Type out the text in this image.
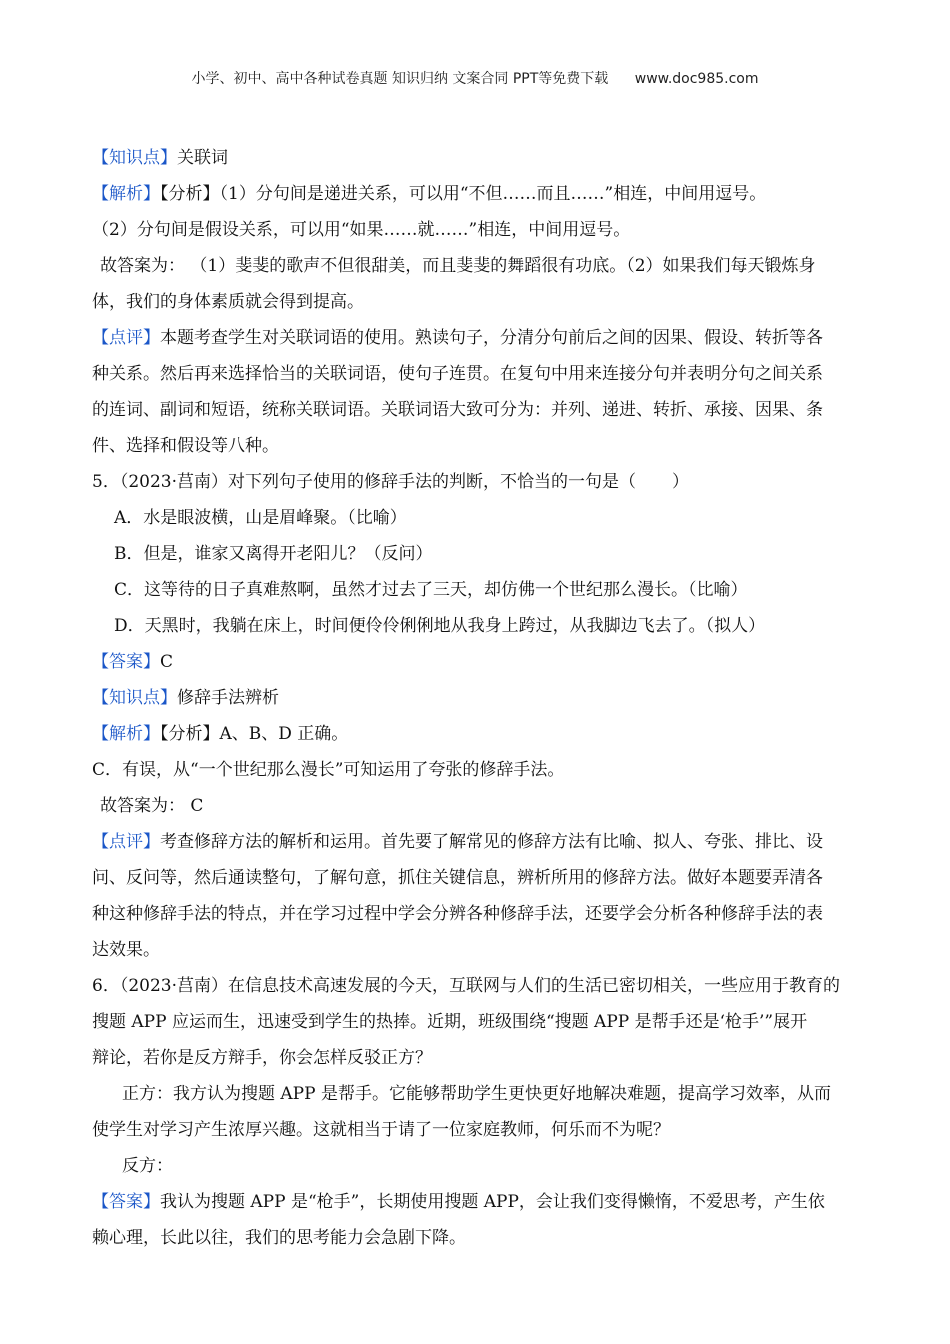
小学、初中、高中各种试卷真题 知识归纳 文案合同 PPT等免费下载 www.doc985.com
【知识点】关联词
【解析】【分析】（1）分句间是递进关系，可以用“不但……而且……”相连，中间用逗号。
（2）分句间是假设关系，可以用“如果……就……”相连，中间用逗号。
故答案为： （1）斐斐的歌声不但很甜美，而且斐斐的舞蹈很有功底。（2）如果我们每天锻炼身
体，我们的身体素质就会得到提高。
【点评】本题考查学生对关联词语的使用。熟读句子，分清分句前后之间的因果、假设、转折等各
种关系。然后再来选择恰当的关联词语，使句子连贯。在复句中用来连接分句并表明分句之间关系
的连词、副词和短语，统称关联词语。关联词语大致可分为：并列、递进、转折、承接、因果、条
件、选择和假设等八种。
5．（2023·莒南）对下列句子使用的修辞手法的判断，不恰当的一句是（ ）
A．水是眼波横，山是眉峰聚。（比喻）
B．但是，谁家又离得开老阳儿？（反问）
C．这等待的日子真难熬啊，虽然才过去了三天，却仿佛一个世纪那么漫长。（比喻）
D．天黑时，我躺在床上，时间便伶伶俐俐地从我身上跨过，从我脚边飞去了。（拟人）
【答案】C
【知识点】修辞手法辨析
【解析】【分析】A、B、D 正确。
C．有误，从“一个世纪那么漫长”可知运用了夸张的修辞手法。
故答案为： C
【点评】考查修辞方法的解析和运用。首先要了解常见的修辞方法有比喻、拟人、夸张、排比、设
问、反问等，然后通读整句，了解句意，抓住关键信息，辨析所用的修辞方法。做好本题要弄清各
种这种修辞手法的特点，并在学习过程中学会分辨各种修辞手法，还要学会分析各种修辞手法的表
达效果。
6．（2023·莒南）在信息技术高速发展的今天，互联网与人们的生活已密切相关，一些应用于教育的
搜题 APP 应运而生，迅速受到学生的热捧。近期，班级围绕“搜题 APP 是帮手还是‘枪手’”展开
辩论，若你是反方辩手，你会怎样反驳正方？
正方：我方认为搜题 APP 是帮手。它能够帮助学生更快更好地解决难题，提高学习效率，从而
使学生对学习产生浓厚兴趣。这就相当于请了一位家庭教师，何乐而不为呢？
反方：
【答案】我认为搜题 APP 是“枪手”，长期使用搜题 APP，会让我们变得懒惰，不爱思考，产生依
赖心理，长此以往，我们的思考能力会急剧下降。
